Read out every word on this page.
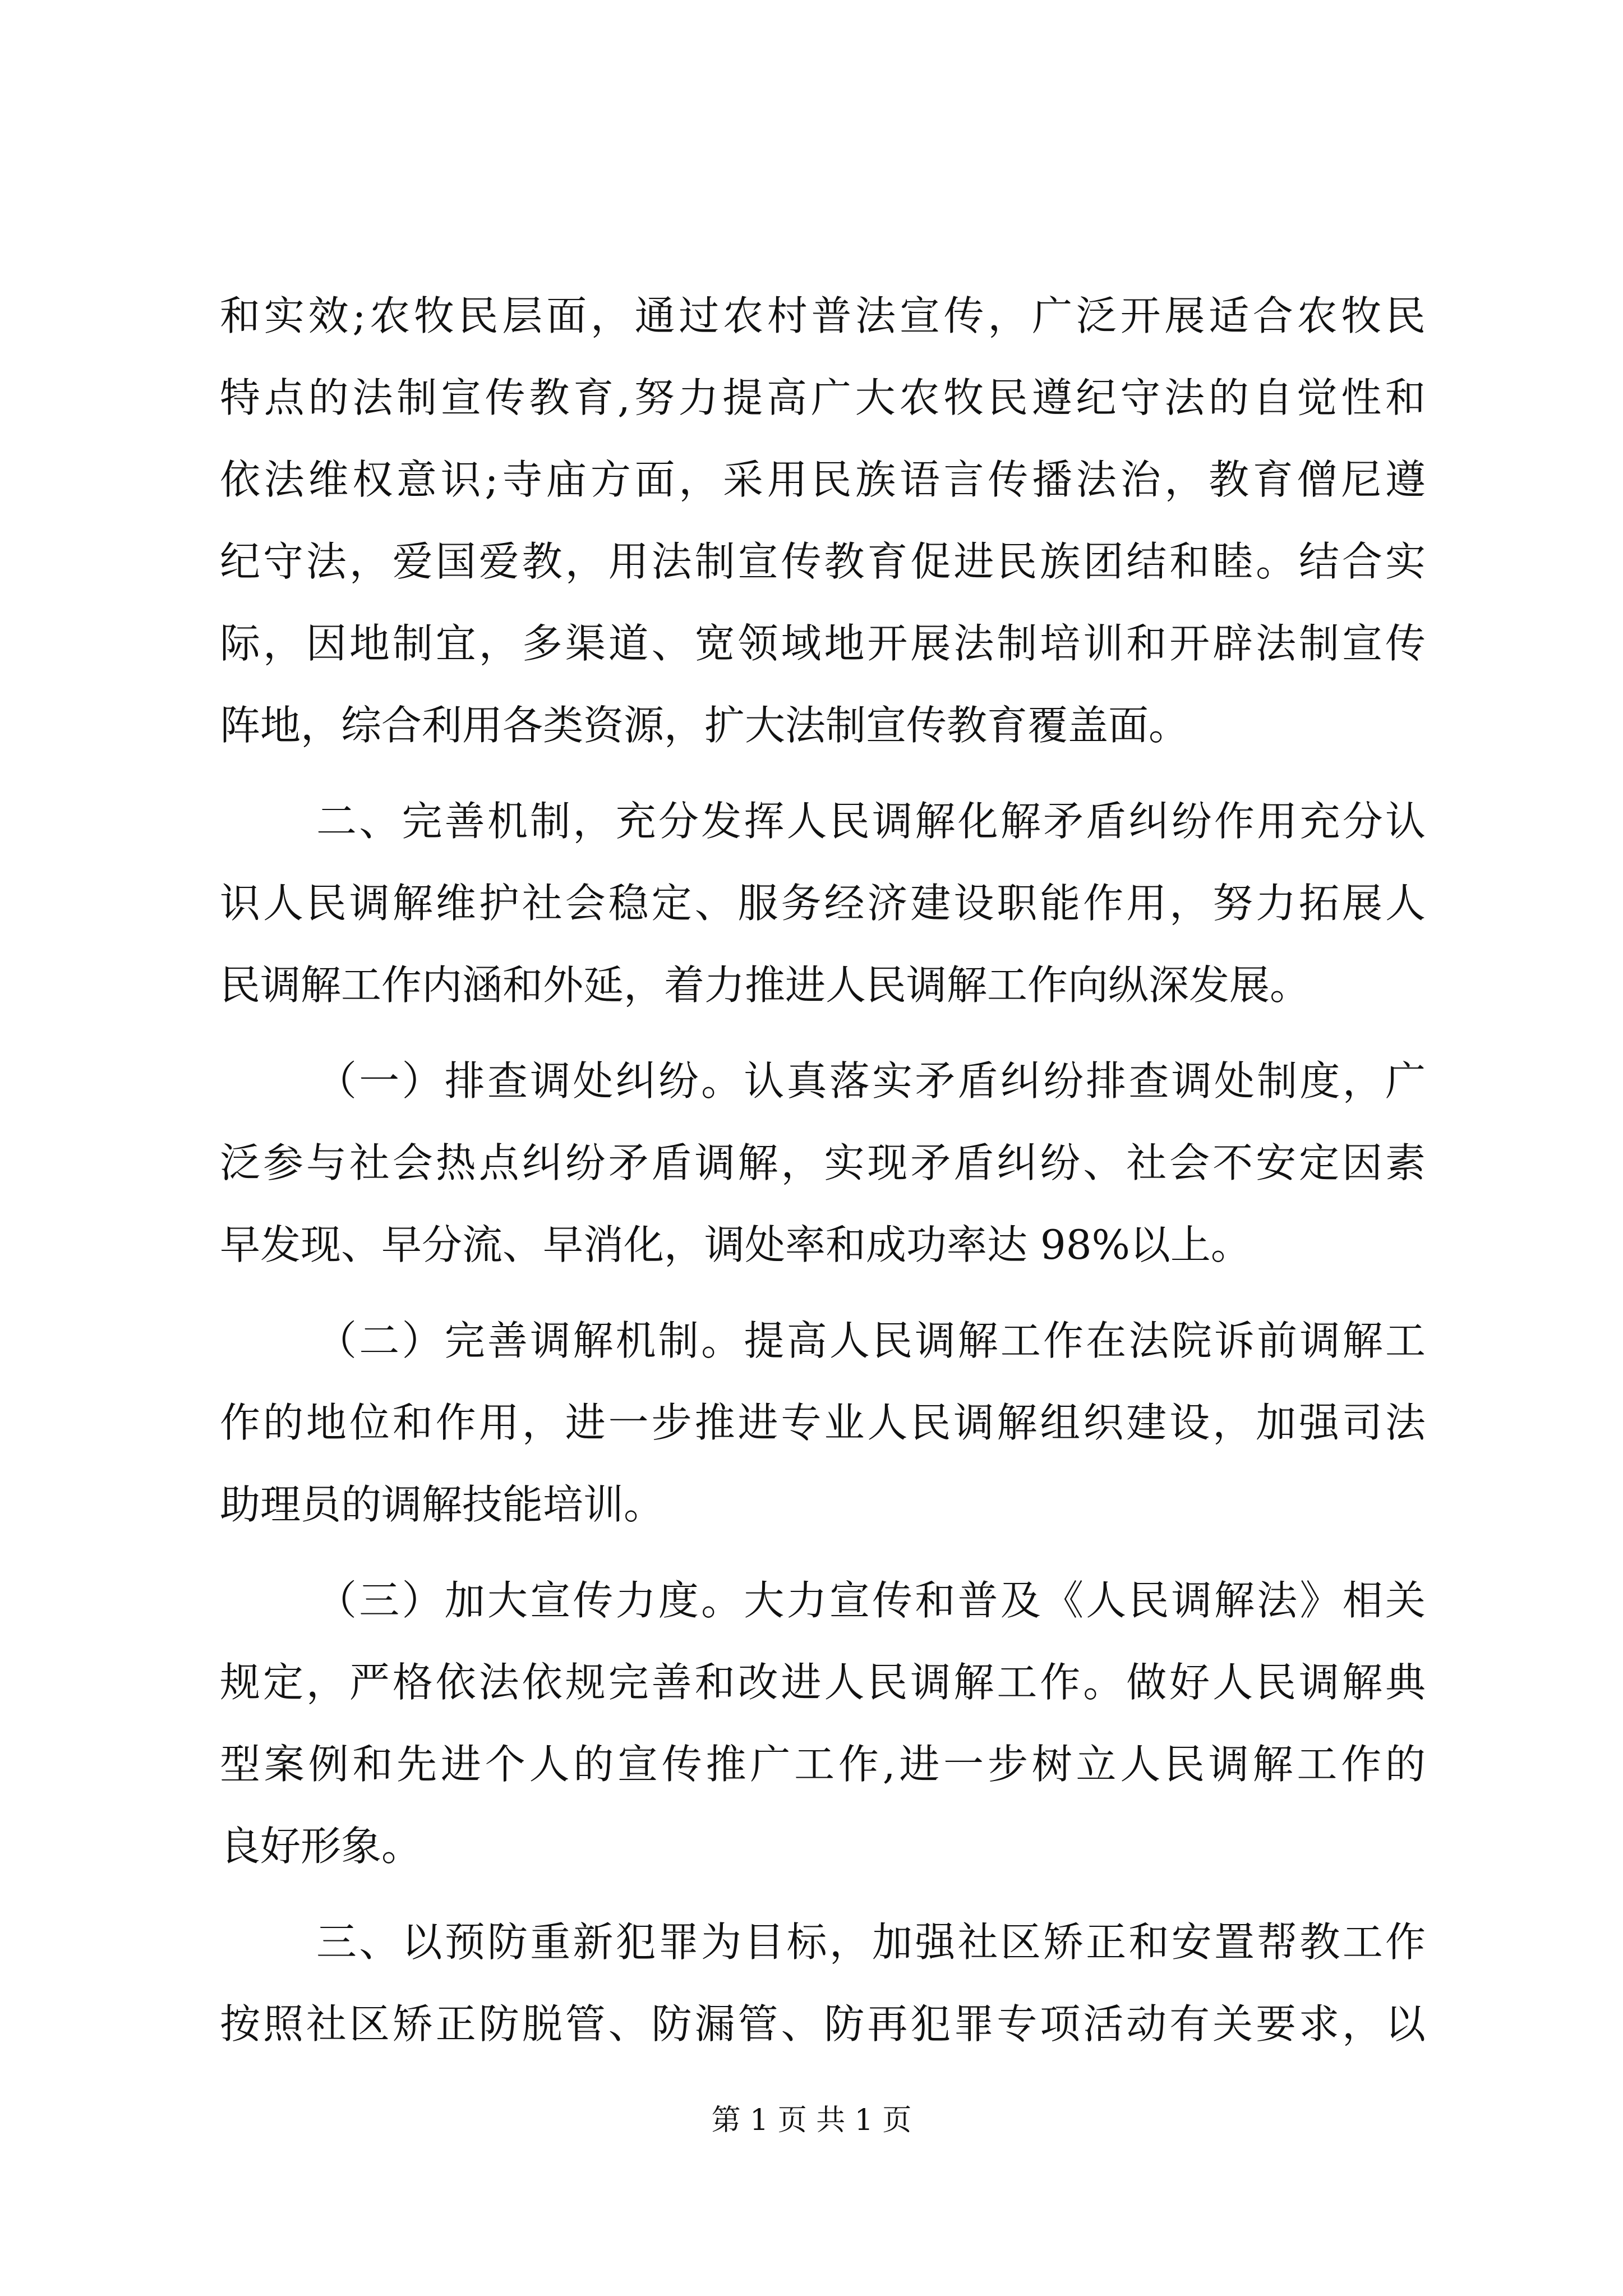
和实效;农牧民层面，通过农村普法宣传，广泛开展适合农牧民
特点的法制宣传教育,努力提高广大农牧民遵纪守法的自觉性和
依法维权意识;寺庙方面，采用民族语言传播法治，教育僧尼遵
纪守法，爱国爱教，用法制宣传教育促进民族团结和睦。结合实
际，因地制宜，多渠道、宽领域地开展法制培训和开辟法制宣传
阵地，综合利用各类资源，扩大法制宣传教育覆盖面。
二、完善机制，充分发挥人民调解化解矛盾纠纷作用充分认
识人民调解维护社会稳定、服务经济建设职能作用，努力拓展人
民调解工作内涵和外延，着力推进人民调解工作向纵深发展。
（一）排查调处纠纷。认真落实矛盾纠纷排查调处制度，广
泛参与社会热点纠纷矛盾调解，实现矛盾纠纷、社会不安定因素
早发现、早分流、早消化，调处率和成功率达 98%以上。
（二）完善调解机制。提高人民调解工作在法院诉前调解工
作的地位和作用，进一步推进专业人民调解组织建设，加强司法
助理员的调解技能培训。
（三）加大宣传力度。大力宣传和普及《人民调解法》相关
规定，严格依法依规完善和改进人民调解工作。做好人民调解典
型案例和先进个人的宣传推广工作,进一步树立人民调解工作的
良好形象。
三、以预防重新犯罪为目标，加强社区矫正和安置帮教工作
按照社区矫正防脱管、防漏管、防再犯罪专项活动有关要求，以
第 1 页 共 1 页
